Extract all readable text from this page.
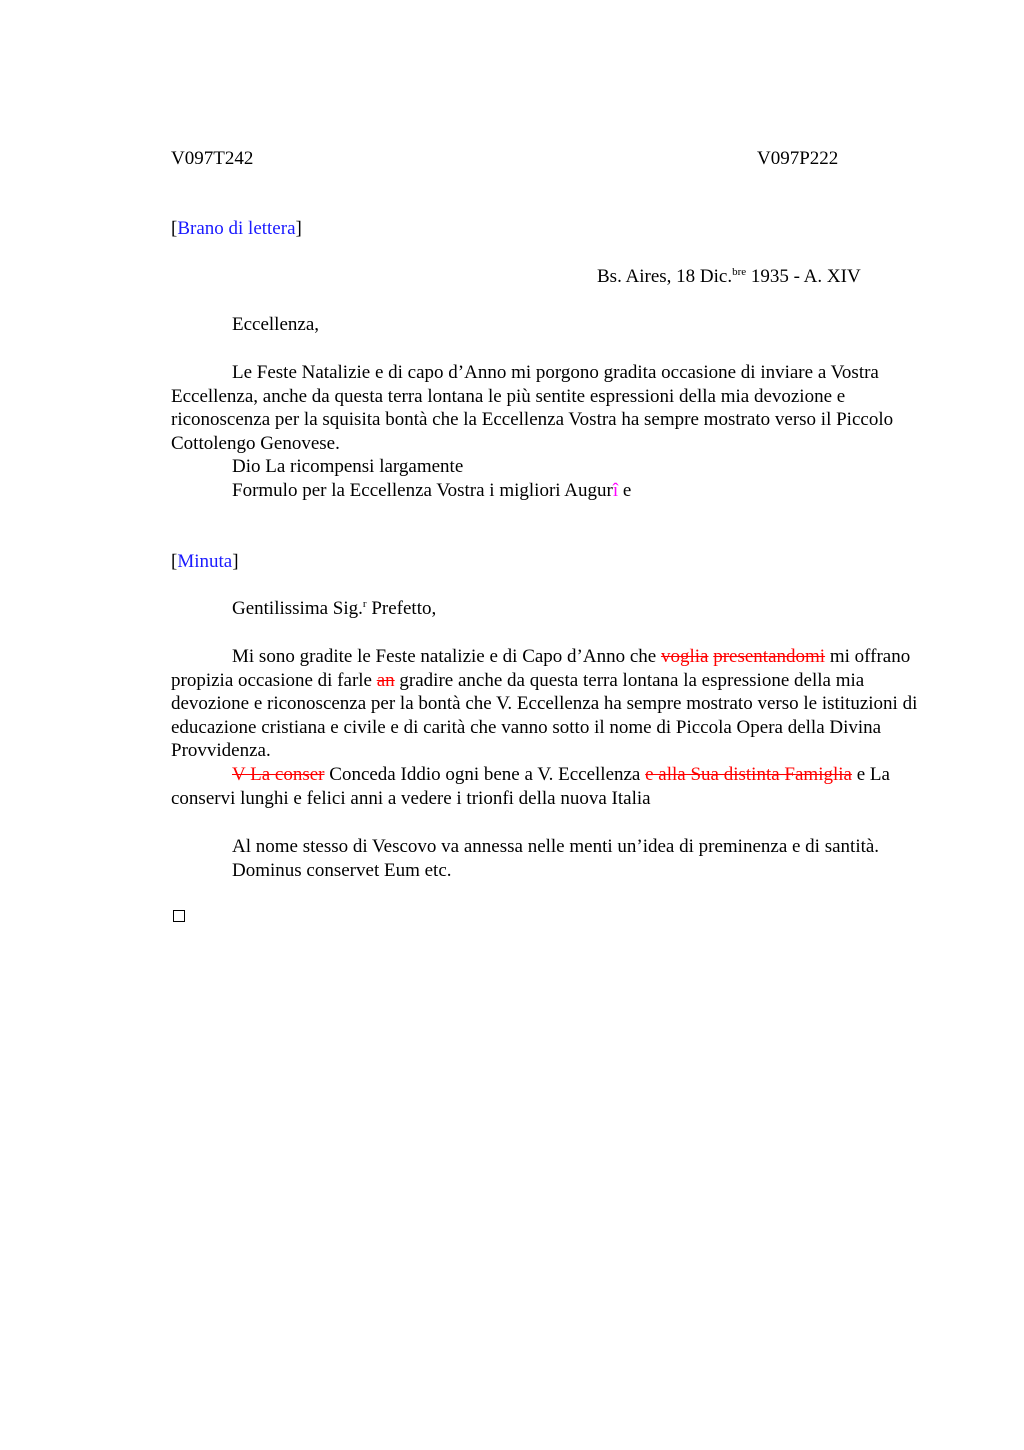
V097T242	V097P222
[Brano di lettera]
Bs. Aires, 18 Dic.$^{bre}$ 1935 - A. XIV

Eccellenza,

Le Feste Natalizie e di capo d’Anno mi porgono gradita occasione di inviare a Vostra Eccellenza, anche da questa terra lontana le più sentite espressioni della mia devozione e riconoscenza per la squisita bontà che la Eccellenza Vostra ha sempre mostrato verso il Piccolo Cottolengo Genovese.

Dio La ricompensi largamente

Formulo per la Eccellenza Vostra i migliori Augurî e

[Minuta]

Gentilissima Sig.$^r$ Prefetto,

Mi sono gradite le Feste natalizie e di Capo d’Anno che voglia presentandomi mi offrano propizia occasione di farle an gradire anche da questa terra lontana la espressione della mia devozione e riconoscenza per la bontà che V. Eccellenza ha sempre mostrato verso le istituzioni di educazione cristiana e civile e di carità che vanno sotto il nome di Piccola Opera della Divina Provvidenza.

V La conser Conceda Iddio ogni bene a V. Eccellenza e alla Sua distinta Famiglia e La conservi lunghi e felici anni a vedere i trionfi della nuova Italia

Al nome stesso di Vescovo va annessa nelle menti un’idea di preminenza e di santità.

Dominus conservet Eum etc.
